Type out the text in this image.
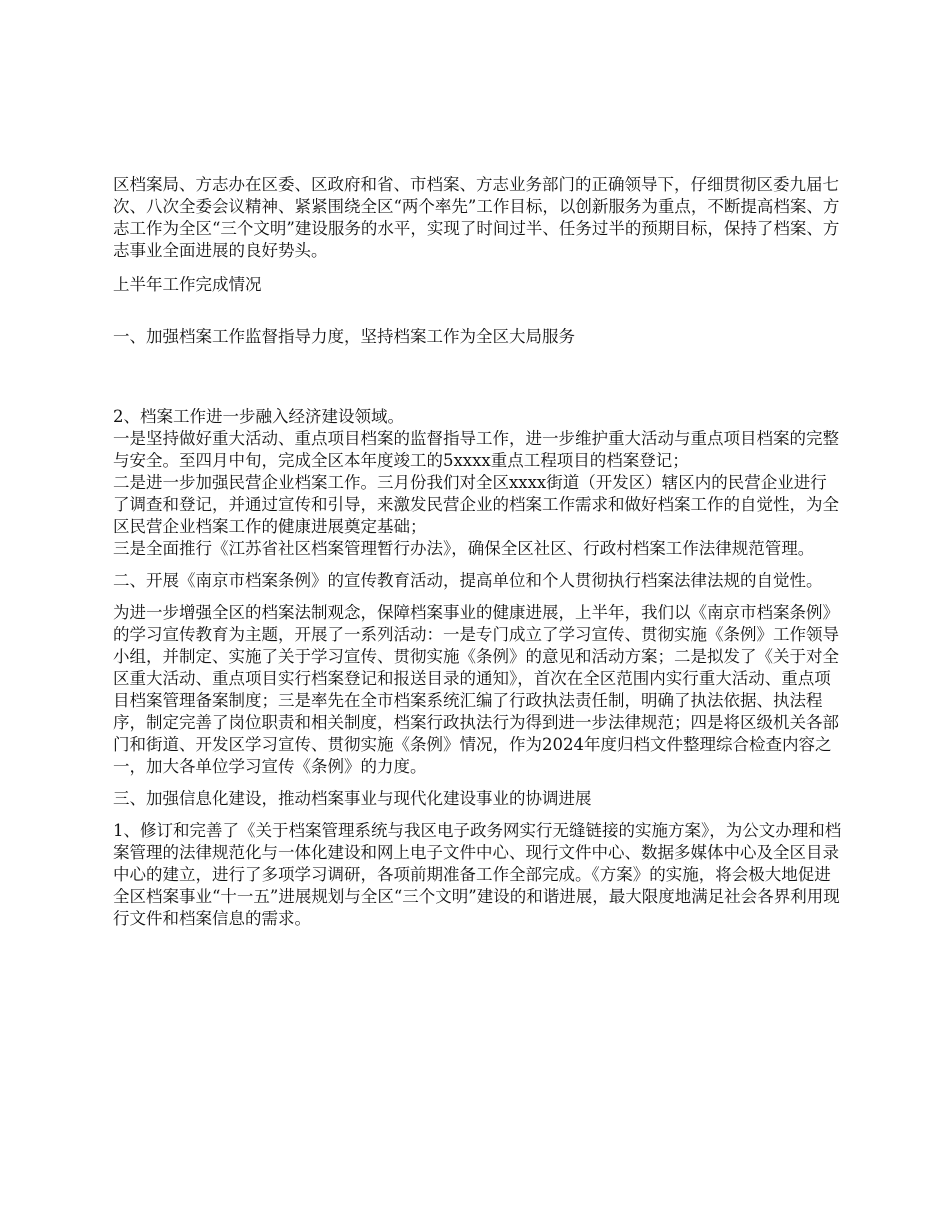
区档案局、方志办在区委、区政府和省、市档案、方志业务部门的正确领导下，仔细贯彻区委九届七次、八次全委会议精神、紧紧围绕全区“两个率先”工作目标，以创新服务为重点，不断提高档案、方志工作为全区“三个文明”建设服务的水平，实现了时间过半、任务过半的预期目标，保持了档案、方志事业全面进展的良好势头。

上半年工作完成情况

一、加强档案工作监督指导力度，坚持档案工作为全区大局服务

2、档案工作进一步融入经济建设领域。

一是坚持做好重大活动、重点项目档案的监督指导工作，进一步维护重大活动与重点项目档案的完整与安全。至四月中旬，完成全区本年度竣工的5xxxx重点工程项目的档案登记；

二是进一步加强民营企业档案工作。三月份我们对全区xxxx街道（开发区）辖区内的民营企业进行了调查和登记，并通过宣传和引导，来激发民营企业的档案工作需求和做好档案工作的自觉性，为全区民营企业档案工作的健康进展奠定基础；

三是全面推行《江苏省社区档案管理暂行办法》，确保全区社区、行政村档案工作法律规范管理。

二、开展《南京市档案条例》的宣传教育活动，提高单位和个人贯彻执行档案法律法规的自觉性。

为进一步增强全区的档案法制观念，保障档案事业的健康进展，上半年，我们以《南京市档案条例》的学习宣传教育为主题，开展了一系列活动：一是专门成立了学习宣传、贯彻实施《条例》工作领导小组，并制定、实施了关于学习宣传、贯彻实施《条例》的意见和活动方案；二是拟发了《关于对全区重大活动、重点项目实行档案登记和报送目录的通知》，首次在全区范围内实行重大活动、重点项目档案管理备案制度；三是率先在全市档案系统汇编了行政执法责任制，明确了执法依据、执法程序，制定完善了岗位职责和相关制度，档案行政执法行为得到进一步法律规范；四是将区级机关各部门和街道、开发区学习宣传、贯彻实施《条例》情况，作为2024年度归档文件整理综合检查内容之一，加大各单位学习宣传《条例》的力度。

三、加强信息化建设，推动档案事业与现代化建设事业的协调进展

1、修订和完善了《关于档案管理系统与我区电子政务网实行无缝链接的实施方案》，为公文办理和档案管理的法律规范化与一体化建设和网上电子文件中心、现行文件中心、数据多媒体中心及全区目录中心的建立，进行了多项学习调研，各项前期准备工作全部完成。《方案》的实施，将会极大地促进全区档案事业“十一五”进展规划与全区“三个文明”建设的和谐进展，最大限度地满足社会各界利用现行文件和档案信息的需求。
